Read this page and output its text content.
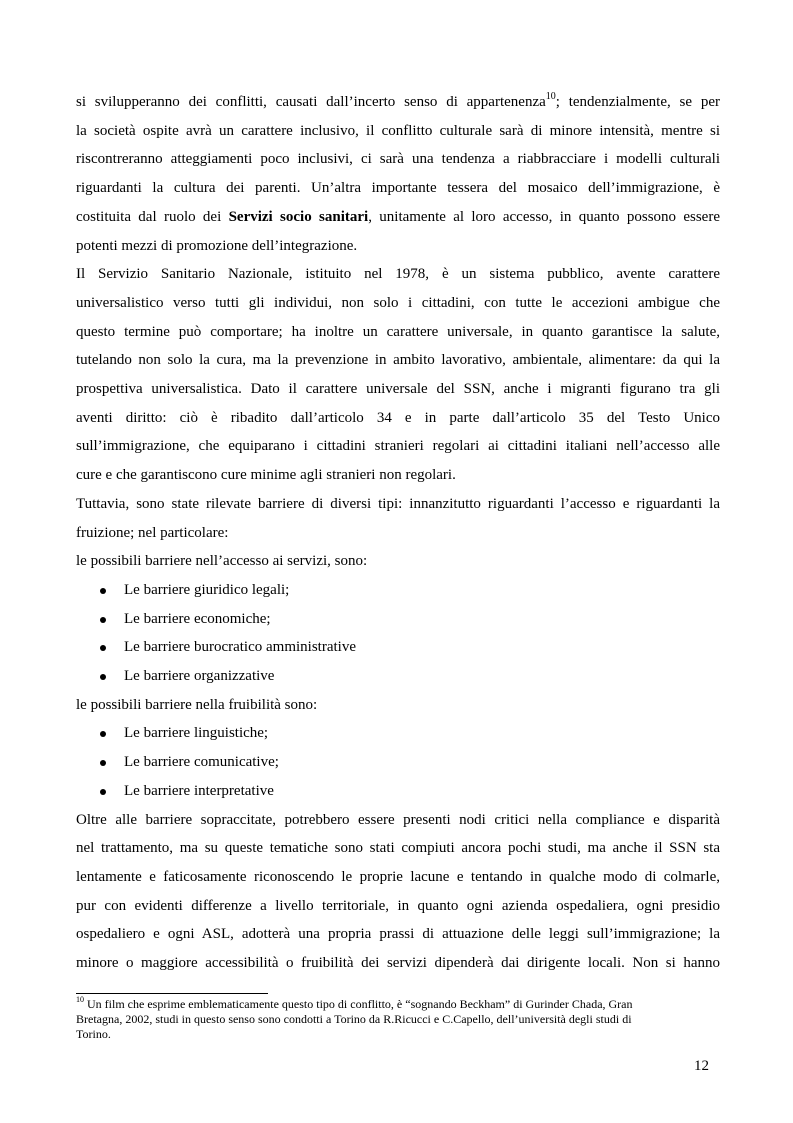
si svilupperanno dei conflitti, causati dall’incerto senso di appartenenza$^{10}$; tendenzialmente, se per
la società ospite avrà un carattere inclusivo, il conflitto culturale sarà di minore intensità, mentre si
riscontreranno atteggiamenti poco inclusivi, ci sarà una tendenza a riabbracciare i modelli culturali
riguardanti la cultura dei parenti. Un’altra importante tessera del mosaico dell’immigrazione, è
costituita dal ruolo dei Servizi socio sanitari, unitamente al loro accesso, in quanto possono essere
potenti mezzi di promozione dell’integrazione.
Il Servizio Sanitario Nazionale, istituito nel 1978, è un sistema pubblico, avente carattere
universalistico verso tutti gli individui, non solo i cittadini, con tutte le accezioni ambigue che
questo termine può comportare; ha inoltre un carattere universale, in quanto garantisce la salute,
tutelando non solo la cura, ma la prevenzione in ambito lavorativo, ambientale, alimentare: da qui la
prospettiva universalistica. Dato il carattere universale del SSN, anche i migranti figurano tra gli
aventi diritto: ciò è ribadito dall’articolo 34 e in parte dall’articolo 35 del Testo Unico
sull’immigrazione, che equiparano i cittadini stranieri regolari ai cittadini italiani nell’accesso alle
cure e che garantiscono cure minime agli stranieri non regolari.
Tuttavia, sono state rilevate barriere di diversi tipi: innanzitutto riguardanti l’accesso e riguardanti la
fruizione; nel particolare:
le possibili barriere nell’accesso ai servizi, sono:
Le barriere giuridico legali;
Le barriere economiche;
Le barriere burocratico amministrative
Le barriere organizzative
le possibili barriere nella fruibilità sono:
Le barriere linguistiche;
Le barriere comunicative;
Le barriere interpretative
Oltre alle barriere sopraccitate, potrebbero essere presenti nodi critici nella compliance e disparità
nel trattamento, ma su queste tematiche sono stati compiuti ancora pochi studi, ma anche il SSN sta
lentamente e faticosamente riconoscendo le proprie lacune e tentando in qualche modo di colmarle,
pur con evidenti differenze a livello territoriale, in quanto ogni azienda ospedaliera, ogni presidio
ospedaliero e ogni ASL, adotterà una propria prassi di attuazione delle leggi sull’immigrazione; la
minore o maggiore accessibilità o fruibilità dei servizi dipenderà dai dirigente locali. Non si hanno
$^{10}$ Un film che esprime emblematicamente questo tipo di conflitto, è “sognando Beckham” di Gurinder Chada, Gran
Bretagna, 2002, studi in questo senso sono condotti a Torino da R.Ricucci e C.Capello, dell’università degli studi di
Torino.
12
